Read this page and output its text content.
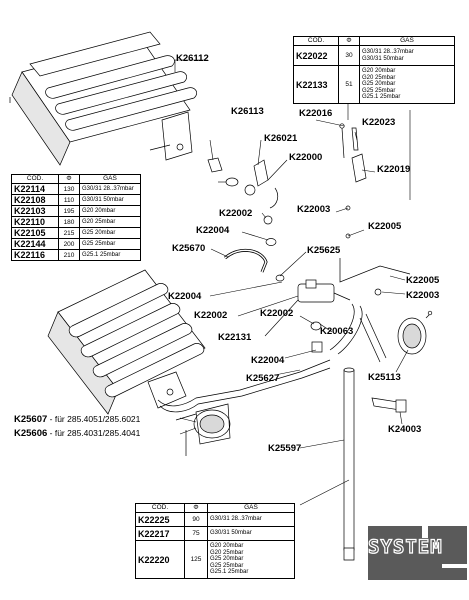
K26112
K26113
K26021
K22000
K22016
K22023
K22019
K22003
K22005
K22002
K22004
K25670	K25625
K22005
K22003
K22004
K22002	K22002
K22131
K20063
K22004
K25627	K25113
K24003
K25597
K25607 - für 285.4051/285.6021
K25606 - für 285.4031/285.4041
COD.	Φ	GAS
K22022	30	G30/31 28..37mbar
G30/31 50mbar
K22133	51	G20 20mbar
G20 25mbar
G25 20mbar
G25 25mbar
G25.1 25mbar
COD.	Φ	GAS
K22114	130	G30/31 28..37mbar
K22108	110	G30/31 50mbar
K22103	195	G20 20mbar
K22110	180	G20 25mbar
K22105	215	G25 20mbar
K22144	200	G25 25mbar
K22116	210	G25.1 25mbar
COD.	Φ	GAS
K22225	90	G30/31 28..37mbar
K22217	75	G30/31 50mbar
K22220	125	G20 20mbar
G20 25mbar
G25 20mbar
G25 25mbar
G25.1 25mbar
SYSTEM
